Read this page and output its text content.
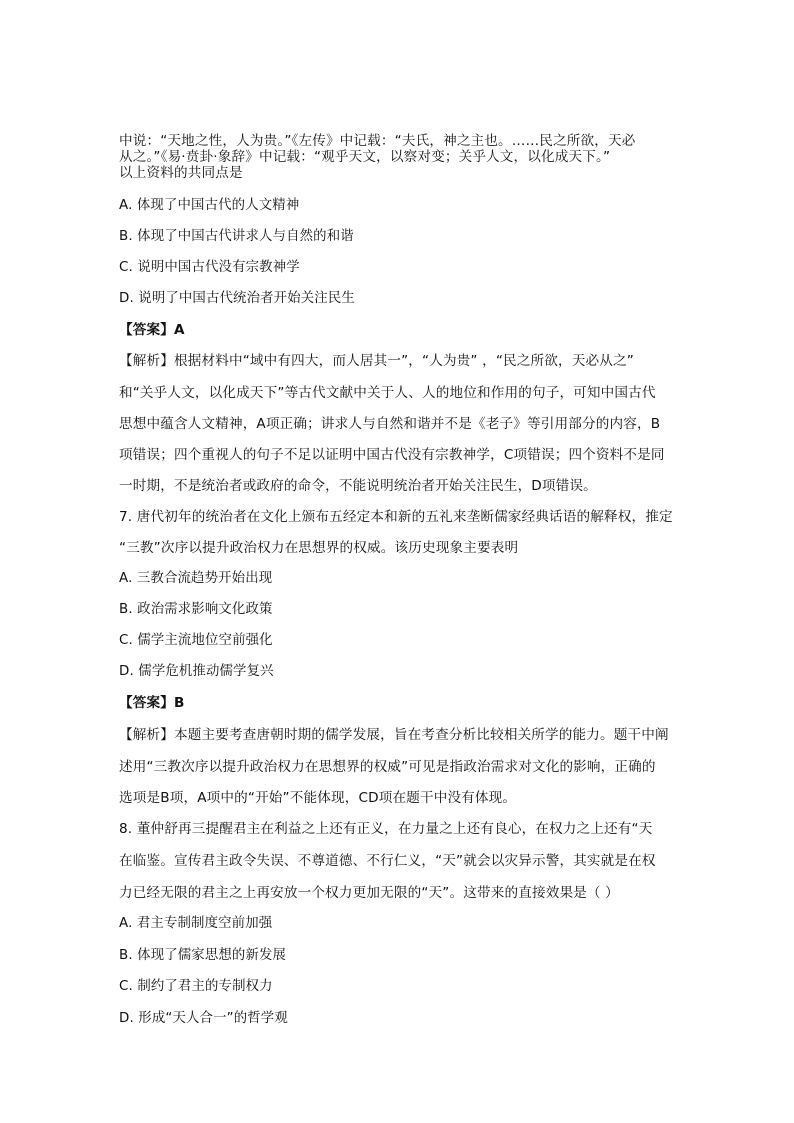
中说：“天地之性，人为贵。”《左传》中记载：“夫氏，神之主也。……民之所欲，天必
从之。”《易·贲卦·象辞》中记载：“观乎天文，以察对变；关乎人文，以化成天下。”
以上资料的共同点是
A. 体现了中国古代的人文精神
B. 体现了中国古代讲求人与自然的和谐
C. 说明中国古代没有宗教神学
D. 说明了中国古代统治者开始关注民生
【答案】A
【解析】根据材料中“域中有四大，而人居其一”，“人为贵” ，“民之所欲，天必从之”
和“关乎人文，以化成天下”等古代文献中关于人、人的地位和作用的句子，可知中国古代
思想中蕴含人文精神，A项正确；讲求人与自然和谐并不是《老子》等引用部分的内容，B
项错误；四个重视人的句子不足以证明中国古代没有宗教神学，C项错误；四个资料不是同
一时期，不是统治者或政府的命令，不能说明统治者开始关注民生，D项错误。
7. 唐代初年的统治者在文化上颁布五经定本和新的五礼来垄断儒家经典话语的解释权，推定
“三教”次序以提升政治权力在思想界的权威。该历史现象主要表明
A. 三教合流趋势开始出现
B. 政治需求影响文化政策
C. 儒学主流地位空前强化
D. 儒学危机推动儒学复兴
【答案】B
【解析】本题主要考查唐朝时期的儒学发展，旨在考查分析比较相关所学的能力。题干中阐
述用“三教次序以提升政治权力在思想界的权威”可见是指政治需求对文化的影响，正确的
选项是B项，A项中的“开始”不能体现，CD项在题干中没有体现。
8. 董仲舒再三提醒君主在利益之上还有正义，在力量之上还有良心，在权力之上还有“天
在临鉴。宣传君主政令失误、不尊道德、不行仁义，“天”就会以灾异示警，其实就是在权
力已经无限的君主之上再安放一个权力更加无限的“天”。这带来的直接效果是（ ）
A. 君主专制制度空前加强
B. 体现了儒家思想的新发展
C. 制约了君主的专制权力
D. 形成“天人合一”的哲学观
